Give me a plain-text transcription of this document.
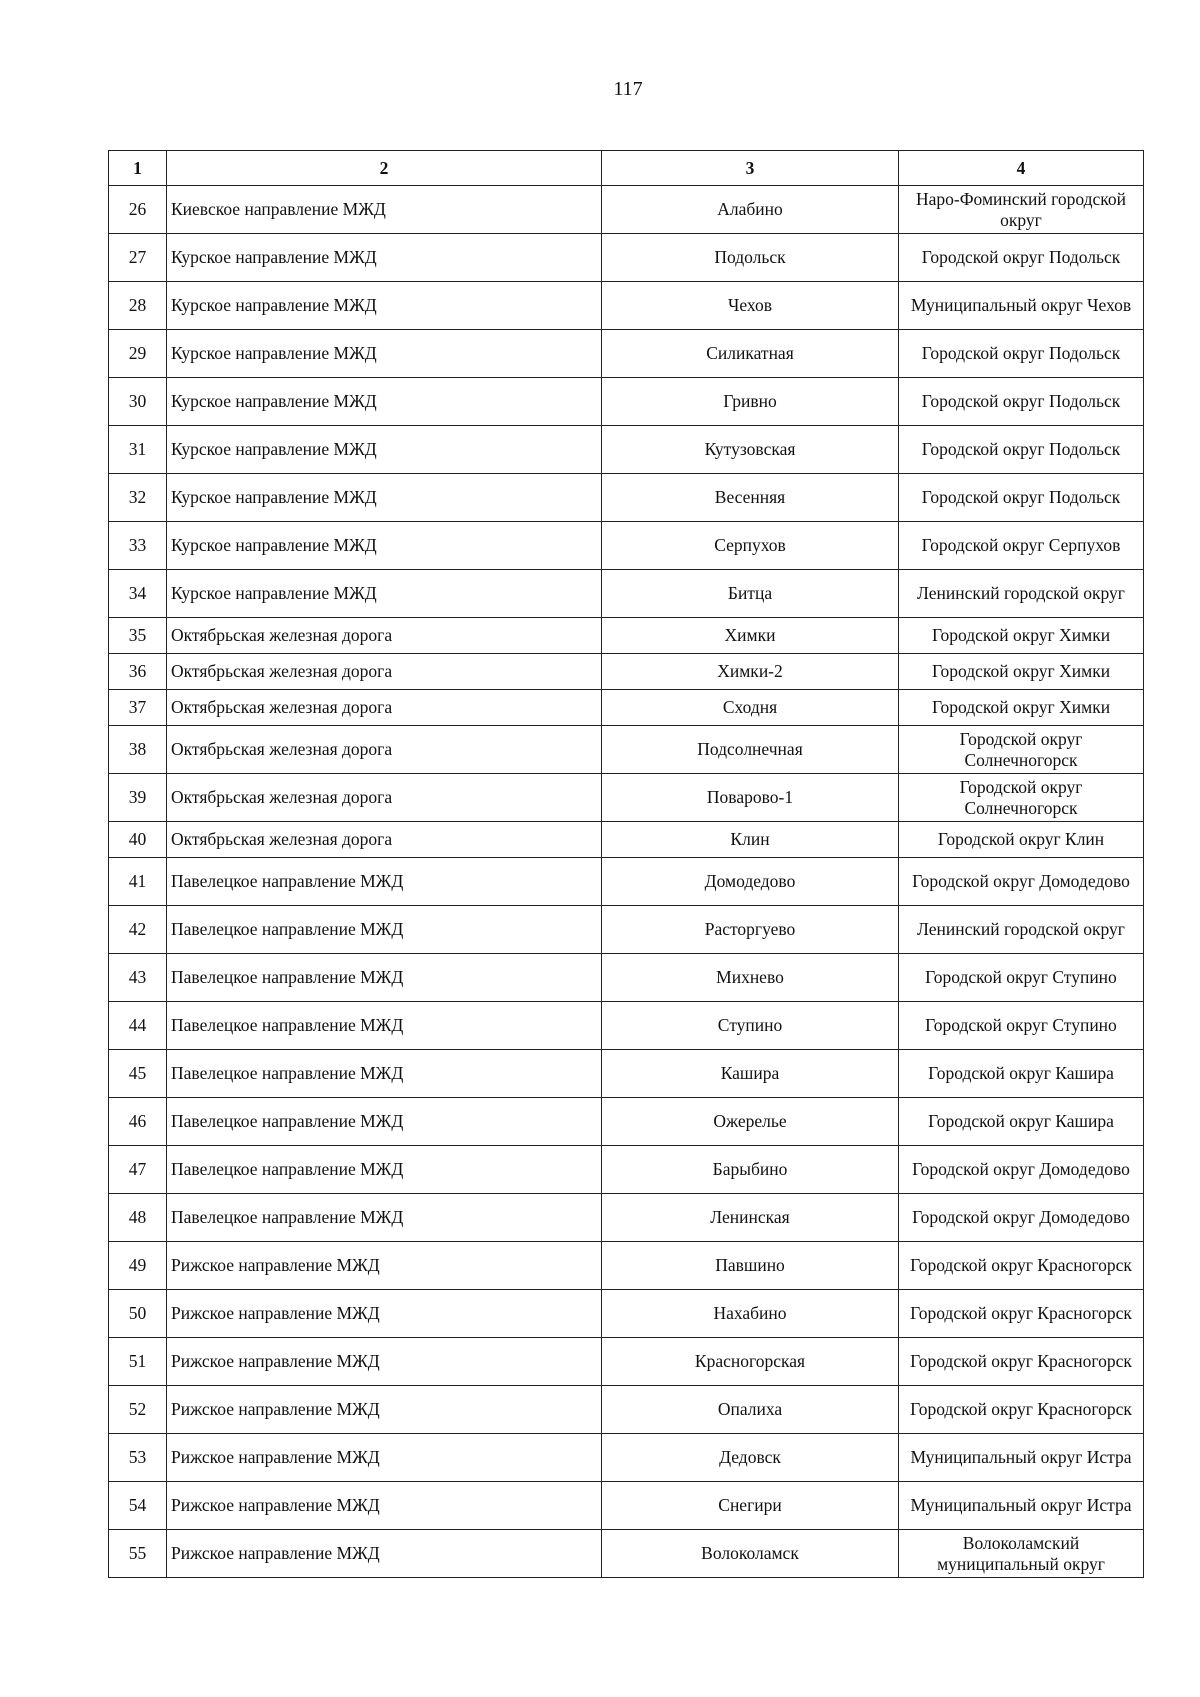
117
1	2	3	4
26	Киевское направление МЖД	Алабино	Наро-Фоминский городской округ
27	Курское направление МЖД	Подольск	Городской округ Подольск
28	Курское направление МЖД	Чехов	Муниципальный округ Чехов
29	Курское направление МЖД	Силикатная	Городской округ Подольск
30	Курское направление МЖД	Гривно	Городской округ Подольск
31	Курское направление МЖД	Кутузовская	Городской округ Подольск
32	Курское направление МЖД	Весенняя	Городской округ Подольск
33	Курское направление МЖД	Серпухов	Городской округ Серпухов
34	Курское направление МЖД	Битца	Ленинский городской округ
35	Октябрьская железная дорога	Химки	Городской округ Химки
36	Октябрьская железная дорога	Химки-2	Городской округ Химки
37	Октябрьская железная дорога	Сходня	Городской округ Химки
38	Октябрьская железная дорога	Подсолнечная	Городской округ Солнечногорск
39	Октябрьская железная дорога	Поварово-1	Городской округ Солнечногорск
40	Октябрьская железная дорога	Клин	Городской округ Клин
41	Павелецкое направление МЖД	Домодедово	Городской округ Домодедово
42	Павелецкое направление МЖД	Расторгуево	Ленинский городской округ
43	Павелецкое направление МЖД	Михнево	Городской округ Ступино
44	Павелецкое направление МЖД	Ступино	Городской округ Ступино
45	Павелецкое направление МЖД	Кашира	Городской округ Кашира
46	Павелецкое направление МЖД	Ожерелье	Городской округ Кашира
47	Павелецкое направление МЖД	Барыбино	Городской округ Домодедово
48	Павелецкое направление МЖД	Ленинская	Городской округ Домодедово
49	Рижское направление МЖД	Павшино	Городской округ Красногорск
50	Рижское направление МЖД	Нахабино	Городской округ Красногорск
51	Рижское направление МЖД	Красногорская	Городской округ Красногорск
52	Рижское направление МЖД	Опалиха	Городской округ Красногорск
53	Рижское направление МЖД	Дедовск	Муниципальный округ Истра
54	Рижское направление МЖД	Снегири	Муниципальный округ Истра
55	Рижское направление МЖД	Волоколамск	Волоколамский муниципальный округ
